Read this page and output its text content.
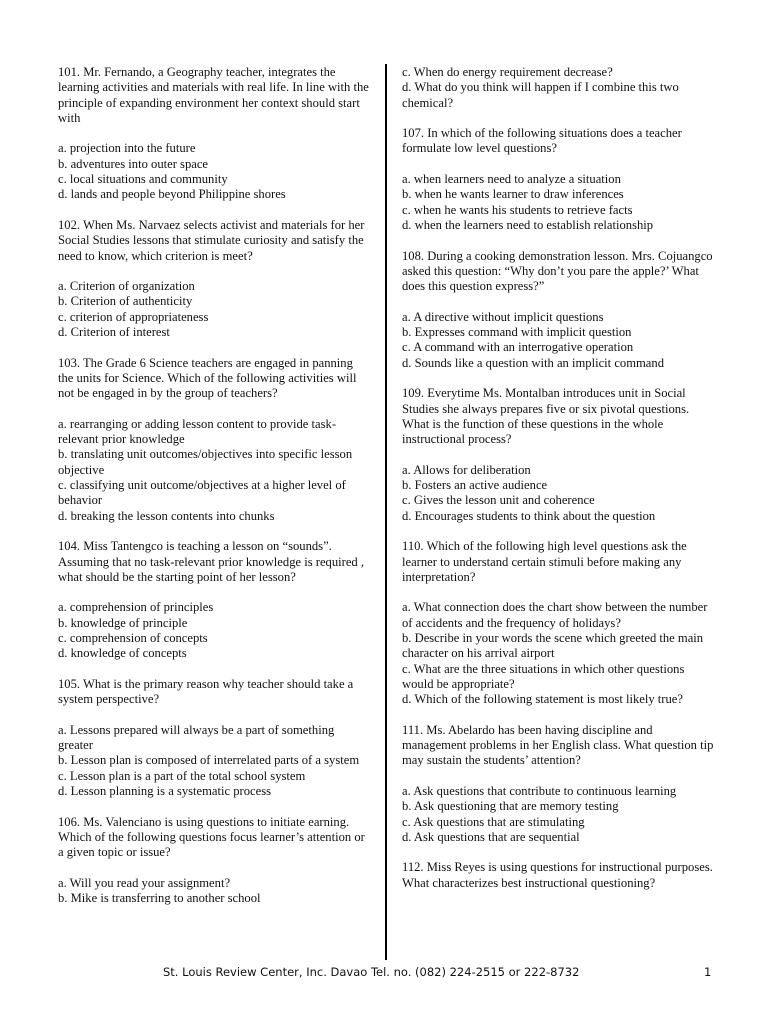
101. Mr. Fernando, a Geography teacher, integrates the learning activities and materials with real life. In line with the principle of expanding environment her context should start with
a. projection into the future
b. adventures into outer space
c. local situations and community
d. lands and people beyond Philippine shores
102. When Ms. Narvaez selects activist and materials for her Social Studies lessons that stimulate curiosity and satisfy the need to know, which criterion is meet?
a. Criterion of organization
b. Criterion of authenticity
c. criterion of appropriateness
d. Criterion of interest
103. The Grade 6 Science teachers are engaged in panning the units for Science. Which of the following activities will not be engaged in by the group of teachers?
a. rearranging or adding lesson content to provide task-relevant prior knowledge
b. translating unit outcomes/objectives into specific lesson objective
c. classifying unit outcome/objectives at a higher level of behavior
d. breaking the lesson contents into chunks
104. Miss Tantengco is teaching a lesson on “sounds”. Assuming that no task-relevant prior knowledge is required , what should be the starting point of her lesson?
a. comprehension of principles
b. knowledge of principle
c. comprehension of concepts
d. knowledge of concepts
105. What is the primary reason why teacher should take a system perspective?
a. Lessons prepared will always be a part of something greater
b. Lesson plan is composed of interrelated parts of a system
c. Lesson plan is a part of the total school system
d. Lesson planning is a systematic process
106. Ms. Valenciano is using questions to initiate earning. Which of the following questions focus learner’s attention or a given topic or issue?
a. Will you read your assignment?
b. Mike is transferring to another school
c. When do energy requirement decrease?
d. What do you think will happen if I combine this two chemical?
107. In which of the following situations does a teacher formulate low level questions?
a. when learners need to analyze a situation
b. when he wants learner to draw inferences
c. when he wants his students to retrieve facts
d. when the learners need to establish relationship
108. During a cooking demonstration lesson. Mrs. Cojuangco asked this question: “Why don’t you pare the apple?’ What does this question express?”
a. A directive without implicit questions
b. Expresses command with implicit question
c. A command with an interrogative operation
d. Sounds like a question with an implicit command
109. Everytime Ms. Montalban introduces unit in Social Studies she always prepares five or six pivotal questions. What is the function of these questions in the whole instructional process?
a. Allows for deliberation
b. Fosters an active audience
c. Gives the lesson unit and coherence
d. Encourages students to think about the question
110. Which of the following high level questions ask the learner to understand certain stimuli before making any interpretation?
a. What connection does the chart show between the number of accidents and the frequency of holidays?
b. Describe in your words the scene which greeted the main character on his arrival airport
c. What are the three situations in which other questions would be appropriate?
d. Which of the following statement is most likely true?
111. Ms. Abelardo has been having discipline and management problems in her English class. What question tip may sustain the students’ attention?
a. Ask questions that contribute to continuous learning
b. Ask questioning that are memory testing
c. Ask questions that are stimulating
d. Ask questions that are sequential
112. Miss Reyes is using questions for instructional purposes. What characterizes best instructional questioning?
St. Louis Review Center, Inc. Davao Tel. no. (082) 224-2515 or 222-8732	1
